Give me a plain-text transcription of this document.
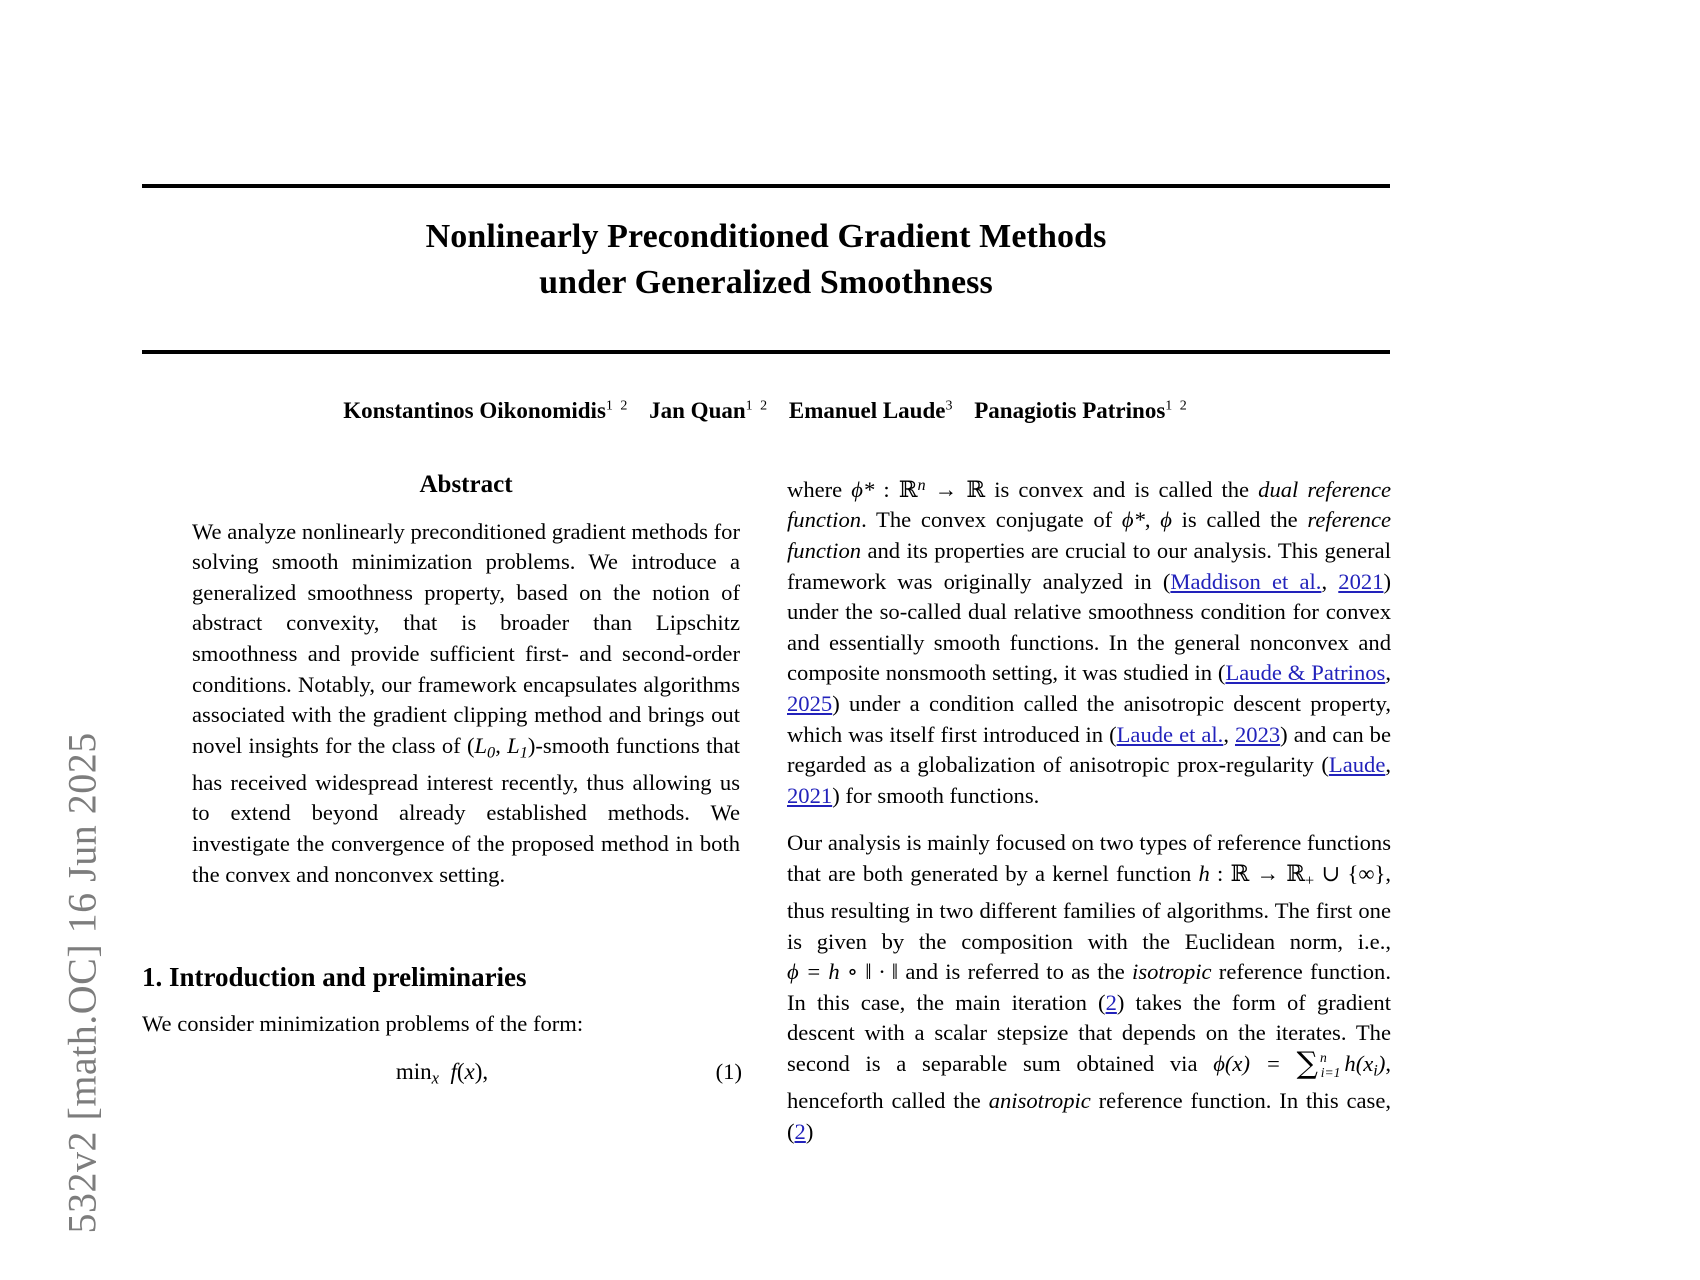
532v2 [math.OC] 16 Jun 2025
Nonlinearly Preconditioned Gradient Methods
under Generalized Smoothness
Konstantinos Oikonomidis$^{1 2}$ Jan Quan$^{1 2}$ Emanuel Laude$^3$ Panagiotis Patrinos$^{1 2}$
Abstract

We analyze nonlinearly preconditioned gradient methods for solving smooth minimization problems. We introduce a generalized smoothness property, based on the notion of abstract convexity, that is broader than Lipschitz smoothness and provide sufficient first- and second-order conditions. Notably, our framework encapsulates algorithms associated with the gradient clipping method and brings out novel insights for the class of ($L_0$, $L_1$)-smooth functions that has received widespread interest recently, thus allowing us to extend beyond already established methods. We investigate the convergence of the proposed method in both the convex and nonconvex setting.

1. Introduction and preliminaries

We consider minimization problems of the form:

$\min_x f(x)$,	(1)

where ϕ* : ℝ$^n$ → ℝ is convex and is called the dual reference function. The convex conjugate of ϕ*, ϕ is called the reference function and its properties are crucial to our analysis. This general framework was originally analyzed in (Maddison et al., 2021) under the so-called dual relative smoothness condition for convex and essentially smooth functions. In the general nonconvex and composite nonsmooth setting, it was studied in (Laude & Patrinos, 2025) under a condition called the anisotropic descent property, which was itself first introduced in (Laude et al., 2023) and can be regarded as a globalization of anisotropic prox-regularity (Laude, 2021) for smooth functions.

Our analysis is mainly focused on two types of reference functions that are both generated by a kernel function h : ℝ → ℝ$_+$ ∪ {∞}, thus resulting in two different families of algorithms. The first one is given by the composition with the Euclidean norm, i.e., ϕ = h ∘ ‖ · ‖ and is referred to as the isotropic reference function. In this case, the main iteration (2) takes the form of gradient descent with a scalar stepsize that depends on the iterates. The second is a separable sum obtained via ϕ(x) = ∑ ni=1 $h(x_i)$, henceforth called the anisotropic reference function. In this case, (2)
